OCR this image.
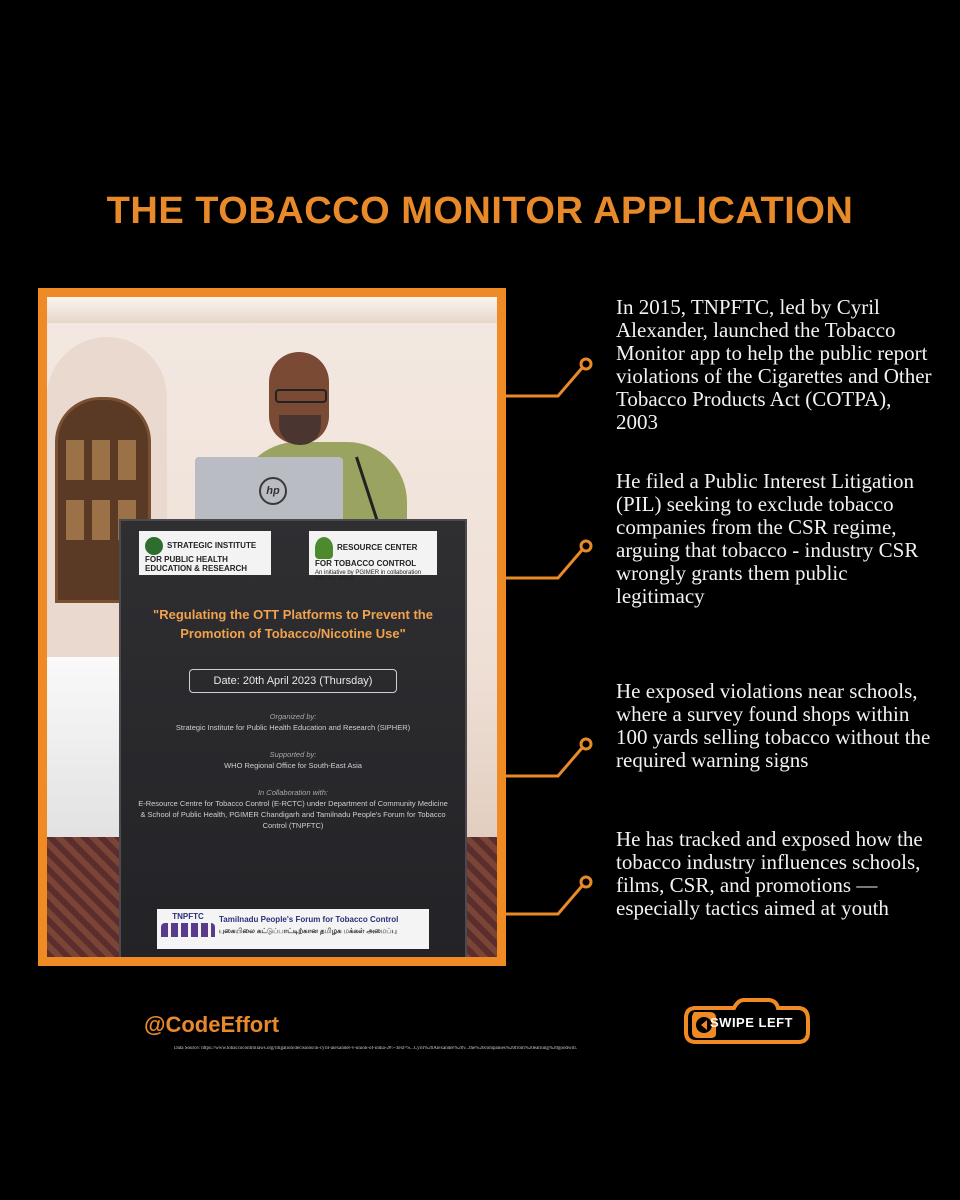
THE TOBACCO MONITOR APPLICATION
hp
STRATEGIC INSTITUTE FOR PUBLIC HEALTH EDUCATION & RESEARCH
RESOURCE CENTER FOR TOBACCO CONTROL
An initiative by PGIMER in collaboration with the Union
"Regulating the OTT Platforms to Prevent the Promotion of Tobacco/Nicotine Use"
Date: 20th April 2023 (Thursday)
Organized by:
Strategic Institute for Public Health Education and Research (SIPHER)
Supported by:
WHO Regional Office for South-East Asia
In Collaboration with:
E-Resource Centre for Tobacco Control (E-RCTC) under Department of Community Medicine & School of Public Health, PGIMER Chandigarh and Tamilnadu People's Forum for Tobacco Control (TNPFTC)
TNPFTC	Tamilnadu People's Forum for Tobacco Control
புகையிலை கட்டுப்பாட்டிற்கான தமிழக மக்கள் அமைப்பு
In 2015, TNPFTC, led by Cyril Alexander, launched the Tobacco Monitor app to help the public report violations of the Cigarettes and Other Tobacco Products Act (COTPA), 2003
He filed a Public Interest Litigation (PIL) seeking to exclude tobacco companies from the CSR regime, arguing that tobacco - industry CSR wrongly grants them public legitimacy
He exposed violations near schools, where a survey found shops within 100 yards selling tobacco without the required warning signs
He has tracked and exposed how the tobacco industry influences schools, films, CSR, and promotions — especially tactics aimed at youth
@CodeEffort
Data Source: https://www.tobaccocontrollaws.org/litigation/decisions/in-cyril-alexander-v-union-of-india-2#:~:text=S...Cyril%20Alexander%20v...the%20companies%20from%20earning%20goodwill.
SWIPE LEFT
